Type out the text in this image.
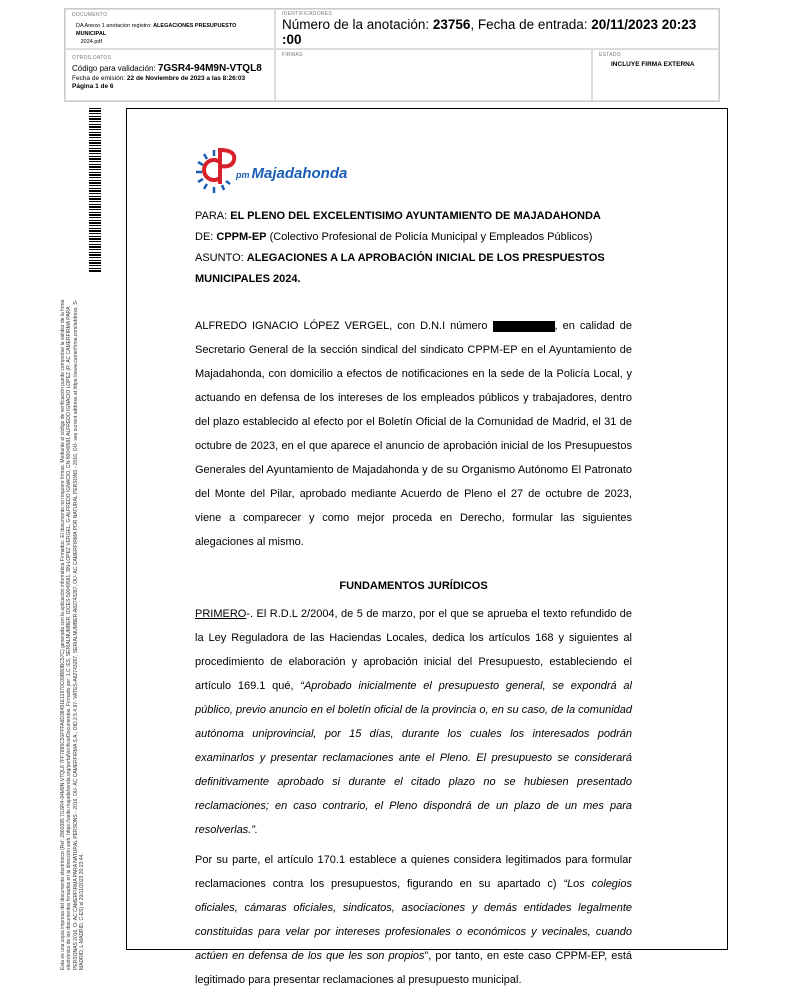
DOCUMENTO
DA Anexo 1 anotacion registro: ALEGACIONES PRESUPUESTO MUNICIPAL
2024.pdf
IDENTIFICADORES
Número de la anotación: 23756, Fecha de entrada: 20/11/2023 20:23
:00
OTROS DATOS
Código para validación: 7GSR4-94M9N-VTQL8
Fecha de emisión: 22 de Noviembre de 2023 a las 8:26:03
Página 1 de 6
FIRMAS	ESTADO
INCLUYE FIRMA EXTERNA
Esta es una copia impresa del documento electrónico (Ref: 2860395 7GSR4-94M9N-VTQL8 7FF7895C91FFFA6D38491E11970C09B80BC57C) generada con la aplicación informática Firmadoc. El documento no requiere firmas. Mediante el código de verificación puede comprobar la validez de la firma electrónica de los documentos firmados en la dirección web: https://sede.majadahonda.org/portalVerificarDocumentos. Firmado por: 1.C.:ES, SERIALNUMBER, IDCES-50049581, SN-LOPEZ VERGEL, G-ALFREDO IGNACIO, CN-50049581 ALFREDO IGNACIO LOPEZ (R: AC CAMERFIRMA PARA PERSONAS 2016, O- AC CAMERFIRMA PARA NATURAL PERSONS - 2016, OU- AC CAMERFIRMA S.A., OID.2.5.4.97- VATES-A82743287, SERIALNUMBER-A82743287, OU- AC CAMERFIRMA POR NATURAL PERSONS - 2016, OU- see current address at https://www.camerfirma.com/address, S-MADRID, L-MADRID, C-ES) el 20/11/2023 20:23:44.
pm Majadahonda

PARA: EL PLENO DEL EXCELENTISIMO AYUNTAMIENTO DE MAJADAHONDA

DE: CPPM-EP (Colectivo Profesional de Policía Municipal y Empleados Públicos)

ASUNTO: ALEGACIONES A LA APROBACIÓN INICIAL DE LOS PRESPUESTOS MUNICIPALES 2024.

ALFREDO IGNACIO LÓPEZ VERGEL, con D.N.I número	, en calidad de Secretario General de la sección sindical del sindicato CPPM-EP en el Ayuntamiento de Majadahonda, con domicilio a efectos de notificaciones en la sede de la Policía Local, y actuando en defensa de los intereses de los empleados públicos y trabajadores, dentro del plazo establecido al efecto por el Boletín Oficial de la Comunidad de Madrid, el 31 de octubre de 2023, en el que aparece el anuncio de aprobación inicial de los Presupuestos Generales del Ayuntamiento de Majadahonda y de su Organismo Autónomo El Patronato del Monte del Pilar, aprobado mediante Acuerdo de Pleno el 27 de octubre de 2023, viene a comparecer y como mejor proceda en Derecho, formular las siguientes alegaciones al mismo.

FUNDAMENTOS JURÍDICOS

PRIMERO-. El R.D.L 2/2004, de 5 de marzo, por el que se aprueba el texto refundido de la Ley Reguladora de las Haciendas Locales, dedica los artículos 168 y siguientes al procedimiento de elaboración y aprobación inicial del Presupuesto, estableciendo el artículo 169.1 qué, “Aprobado inicialmente el presupuesto general, se expondrá al público, previo anuncio en el boletín oficial de la provincia o, en su caso, de la comunidad autónoma uniprovincial, por 15 días, durante los cuales los interesados podrán examinarlos y presentar reclamaciones ante el Pleno. El presupuesto se considerará definitivamente aprobado si durante el citado plazo no se hubiesen presentado reclamaciones; en caso contrario, el Pleno dispondrá de un plazo de un mes para resolverlas.”.

Por su parte, el artículo 170.1 establece a quienes considera legitimados para formular reclamaciones contra los presupuestos, figurando en su apartado c) “Los colegios oficiales, cámaras oficiales, sindicatos, asociaciones y demás entidades legalmente constituidas para velar por intereses profesionales o económicos y vecinales, cuando actúen en defensa de los que les son propios”, por tanto, en este caso CPPM-EP, está legitimado para presentar reclamaciones al presupuesto municipal.
